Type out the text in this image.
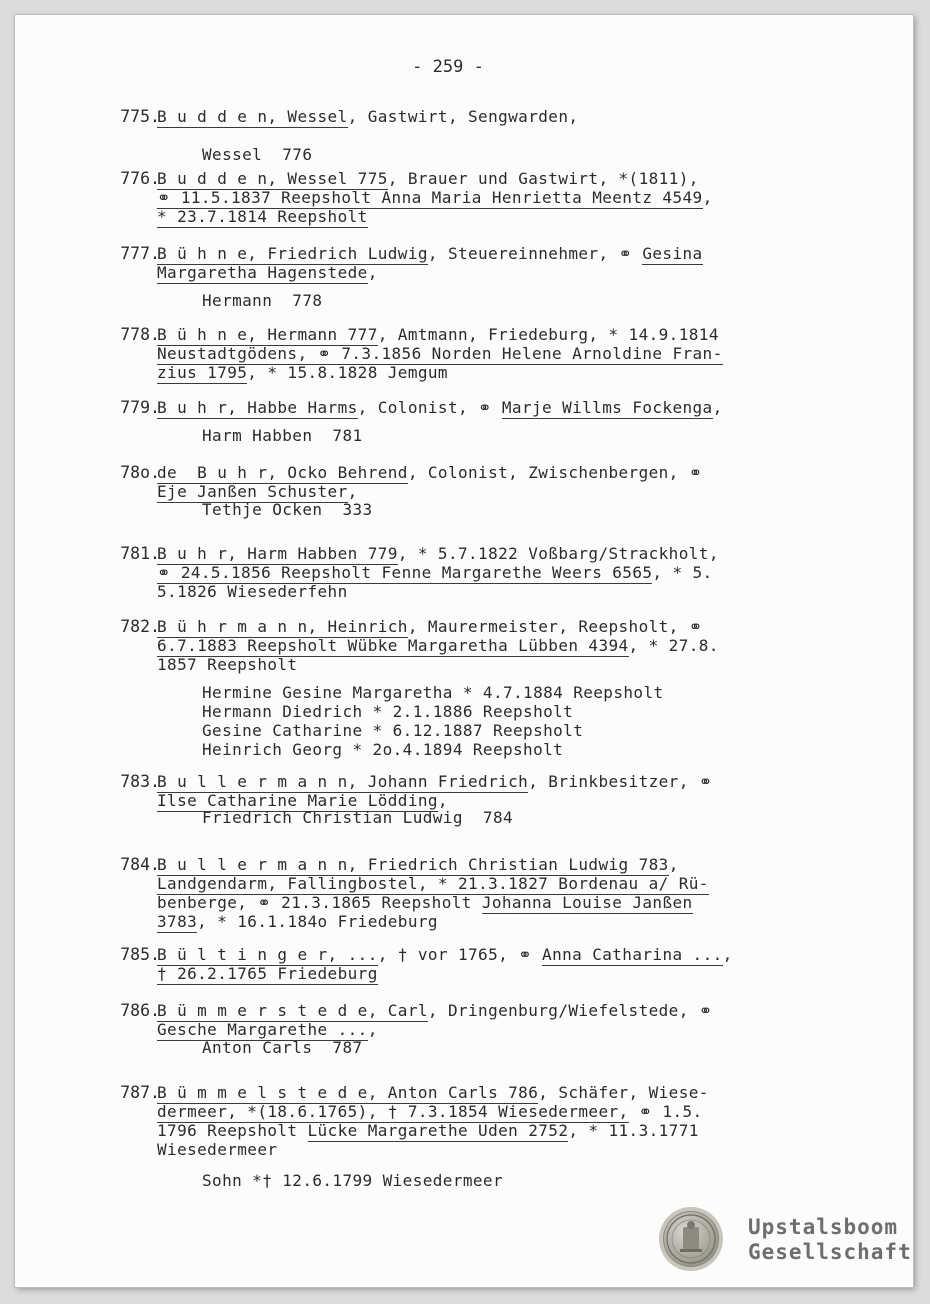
- 259 -
775.
B u d d e n, Wessel, Gastwirt, Sengwarden,
Wessel  776
776.
B u d d e n, Wessel 775, Brauer und Gastwirt, *(1811),
⚭ 11.5.1837 Reepsholt Anna Maria Henrietta Meentz 4549,
* 23.7.1814 Reepsholt
777.
B ü h n e, Friedrich Ludwig, Steuereinnehmer, ⚭ Gesina
Margaretha Hagenstede,
Hermann  778
778.
B ü h n e, Hermann 777, Amtmann, Friedeburg, * 14.9.1814
Neustadtgödens, ⚭ 7.3.1856 Norden Helene Arnoldine Fran-
zius 1795, * 15.8.1828 Jemgum
779.
B u h r, Habbe Harms, Colonist, ⚭ Marje Willms Fockenga,
Harm Habben  781
78o.
de  B u h r, Ocko Behrend, Colonist, Zwischenbergen, ⚭
Eje Janßen Schuster,
Tethje Ocken  333
781.
B u h r, Harm Habben 779, * 5.7.1822 Voßbarg/Strackholt,
⚭ 24.5.1856 Reepsholt Fenne Margarethe Weers 6565, * 5.
5.1826 Wiesederfehn
782.
B ü h r m a n n, Heinrich, Maurermeister, Reepsholt, ⚭
6.7.1883 Reepsholt Wübke Margaretha Lübben 4394, * 27.8.
1857 Reepsholt
Hermine Gesine Margaretha * 4.7.1884 Reepsholt
Hermann Diedrich * 2.1.1886 Reepsholt
Gesine Catharine * 6.12.1887 Reepsholt
Heinrich Georg * 2o.4.1894 Reepsholt
783.
B u l l e r m a n n, Johann Friedrich, Brinkbesitzer, ⚭
Ilse Catharine Marie Lödding,
Friedrich Christian Ludwig  784
784.
B u l l e r m a n n, Friedrich Christian Ludwig 783,
Landgendarm, Fallingbostel, * 21.3.1827 Bordenau a/ Rü-
benberge, ⚭ 21.3.1865 Reepsholt Johanna Louise Janßen
3783, * 16.1.184o Friedeburg
785.
B ü l t i n g e r, ..., † vor 1765, ⚭ Anna Catharina ...,
† 26.2.1765 Friedeburg
786.
B ü m m e r s t e d e, Carl, Dringenburg/Wiefelstede, ⚭
Gesche Margarethe ...,
Anton Carls  787
787.
B ü m m e l s t e d e, Anton Carls 786, Schäfer, Wiese-
dermeer, *(18.6.1765), † 7.3.1854 Wiesedermeer, ⚭ 1.5.
1796 Reepsholt Lücke Margarethe Uden 2752, * 11.3.1771
Wiesedermeer
Sohn *† 12.6.1799 Wiesedermeer
Upstalsboom
Gesellschaft
